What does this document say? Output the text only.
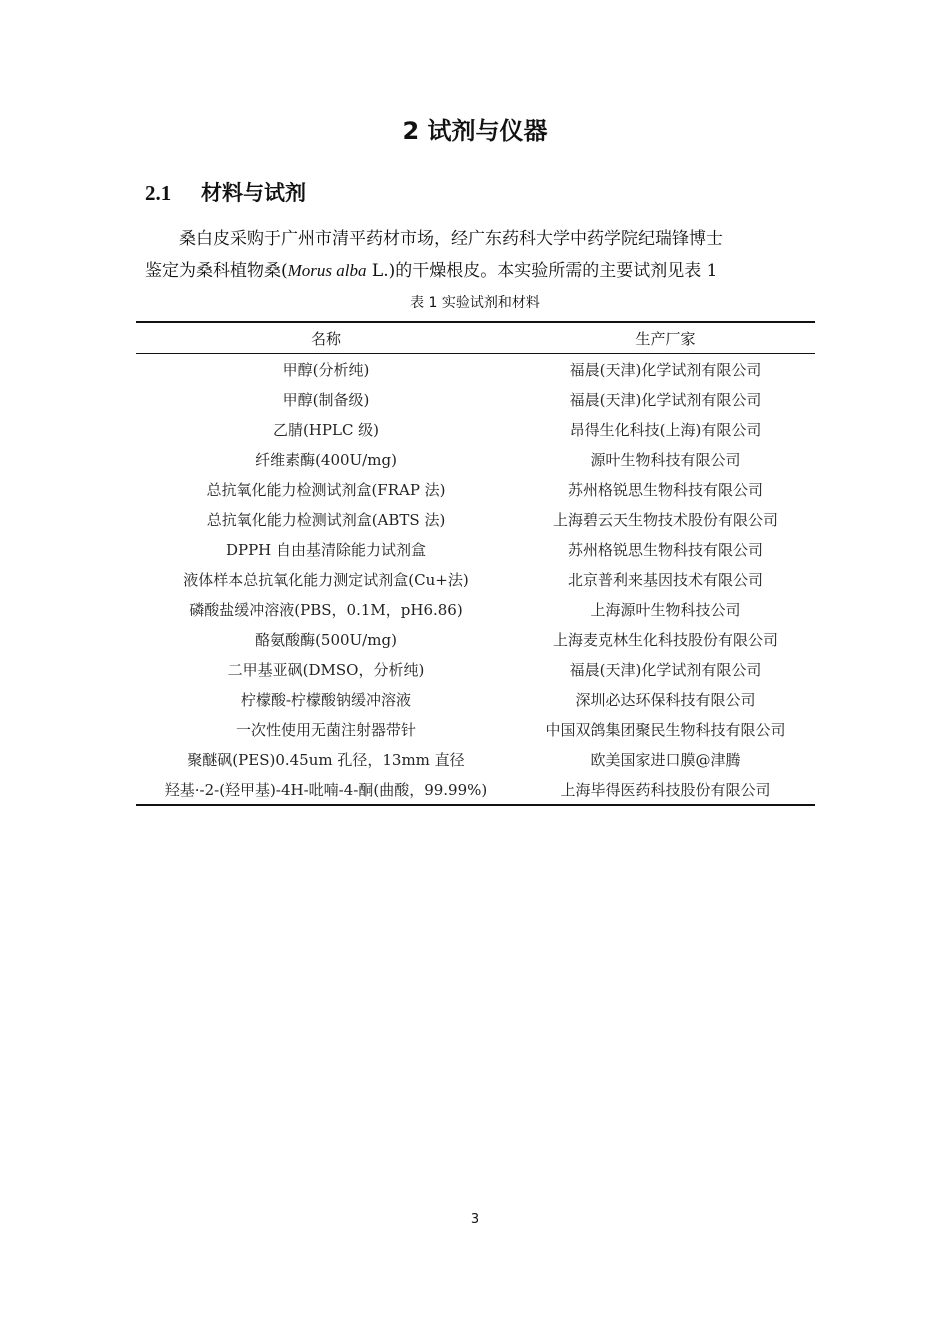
2 试剂与仪器
2.1 材料与试剂
桑白皮采购于广州市清平药材市场，经广东药科大学中药学院纪瑞锋博士
鉴定为桑科植物桑(Morus alba L.)的干燥根皮。本实验所需的主要试剂见表 1
表 1 实验试剂和材料
名称	生产厂家
甲醇(分析纯)	福晨(天津)化学试剂有限公司
甲醇(制备级)	福晨(天津)化学试剂有限公司
乙腈(HPLC 级)	昂得生化科技(上海)有限公司
纤维素酶(400U/mg)	源叶生物科技有限公司
总抗氧化能力检测试剂盒(FRAP 法)	苏州格锐思生物科技有限公司
总抗氧化能力检测试剂盒(ABTS 法)	上海碧云天生物技术股份有限公司
DPPH 自由基清除能力试剂盒	苏州格锐思生物科技有限公司
液体样本总抗氧化能力测定试剂盒(Cu+法)	北京普利来基因技术有限公司
磷酸盐缓冲溶液(PBS，0.1M，pH6.86)	上海源叶生物科技公司
酪氨酸酶(500U/mg)	上海麦克林生化科技股份有限公司
二甲基亚砜(DMSO，分析纯)	福晨(天津)化学试剂有限公司
柠檬酸-柠檬酸钠缓冲溶液	深圳必达环保科技有限公司
一次性使用无菌注射器带针	中国双鸽集团聚民生物科技有限公司
聚醚砜(PES)0.45um 孔径，13mm 直径	欧美国家进口膜@津腾
羟基·-2-(羟甲基)-4H-吡喃-4-酮(曲酸，99.99%)	上海毕得医药科技股份有限公司
3
